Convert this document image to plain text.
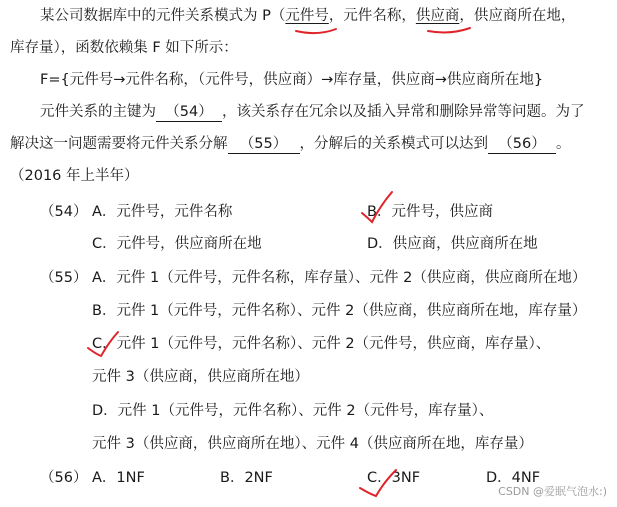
某公司数据库中的元件关系模式为 P（元件号，元件名称，供应商，供应商所在地，
库存量），函数依赖集 F 如下所示：
F={元件号→元件名称，（元件号，供应商）→库存量，供应商→供应商所在地}
元件关系的主键为 （54） ，该关系存在冗余以及插入异常和删除异常等问题。为了
解决这一问题需要将元件关系分解 （55） ，分解后的关系模式可以达到 （56） 。
（2016 年上半年）
（54） A．元件号，元件名称	B．元件号，供应商
C．元件号，供应商所在地	D．供应商，供应商所在地
（55） A．元件 1（元件号，元件名称，库存量）、元件 2（供应商，供应商所在地）
B．元件 1（元件号，元件名称）、元件 2（供应商，供应商所在地，库存量）
C．元件 1（元件号，元件名称）、元件 2（元件号，供应商，库存量）、
元件 3（供应商，供应商所在地）
D．元件 1（元件号，元件名称）、元件 2（元件号，库存量）、
元件 3（供应商，供应商所在地）、元件 4（供应商所在地，库存量）
（56） A．1NF	B．2NF	C．3NF	D．4NF
CSDN @爱眠气泡水:)
